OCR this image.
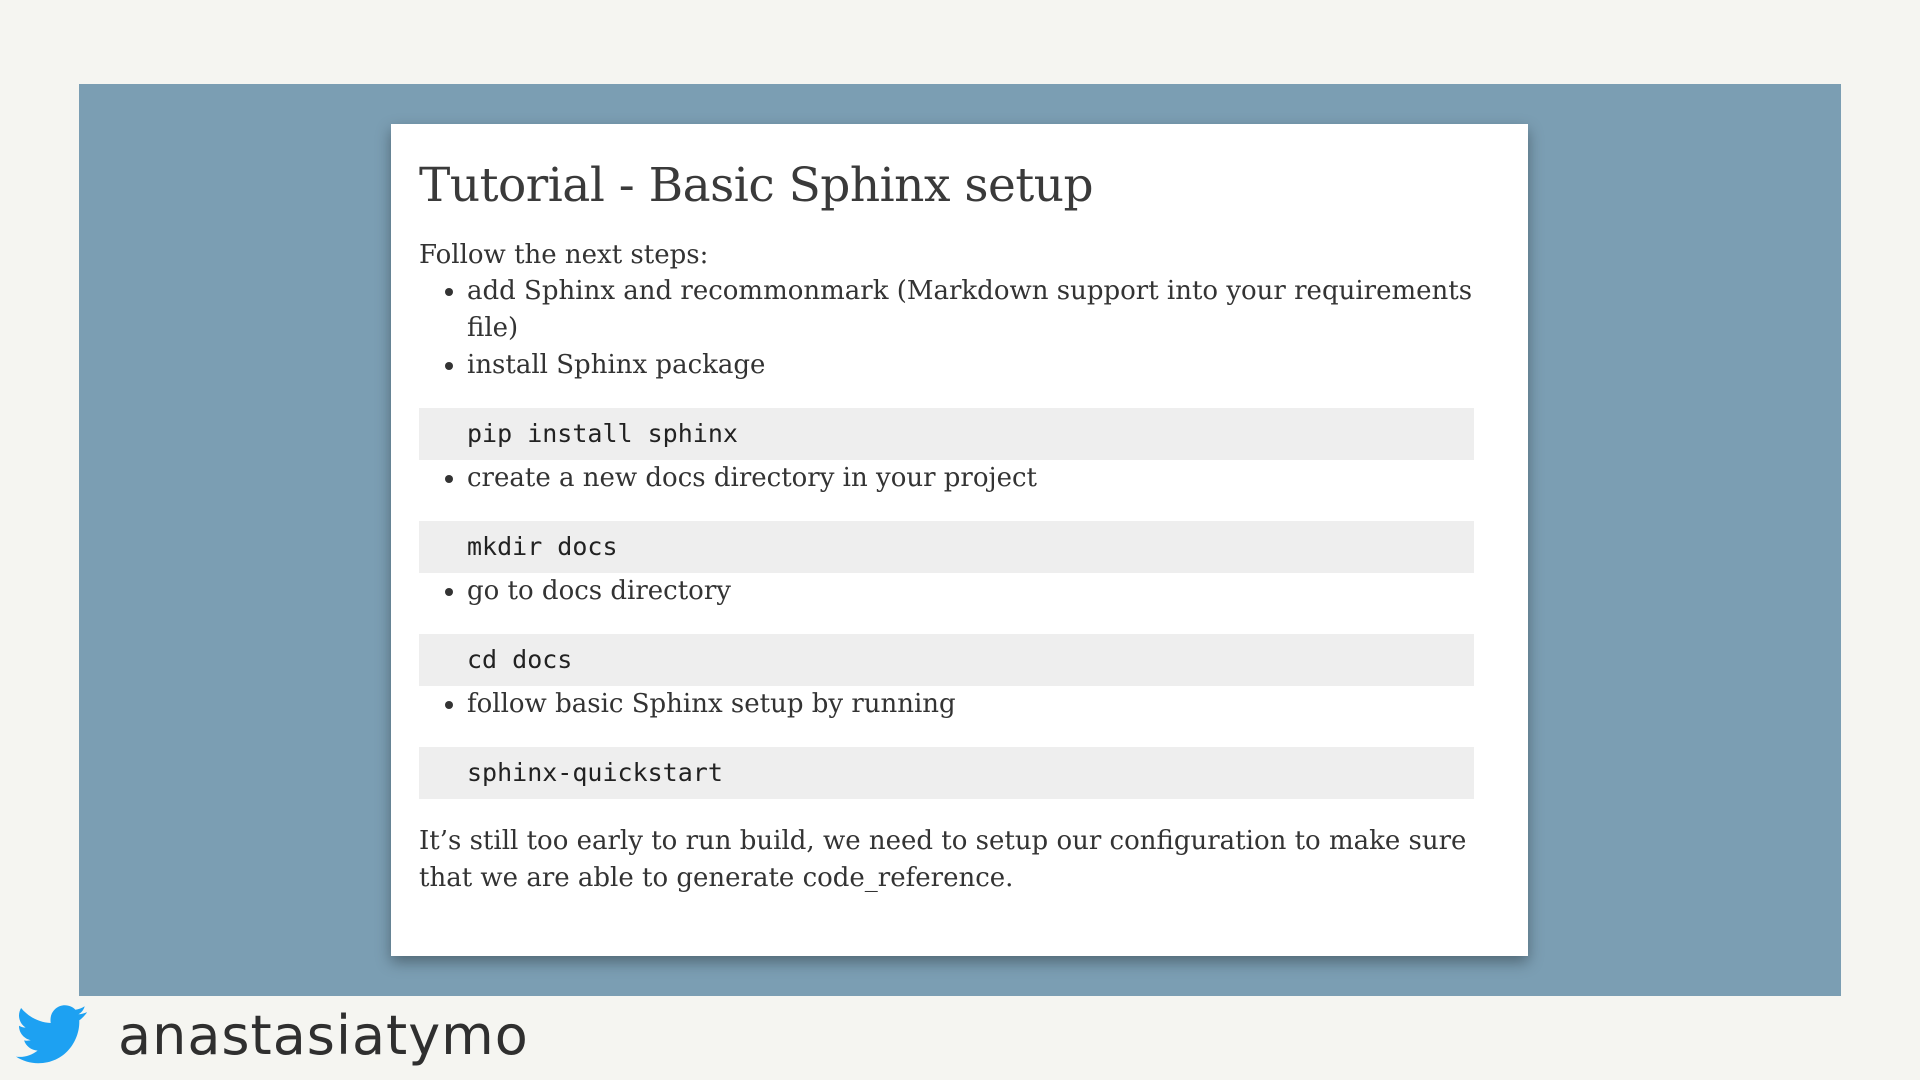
Tutorial - Basic Sphinx setup

Follow the next steps:

• add Sphinx and recommonmark (Markdown support into your requirements file)
• install Sphinx package
pip install sphinx
• create a new docs directory in your project
mkdir docs
• go to docs directory
cd docs
• follow basic Sphinx setup by running
sphinx-quickstart

It’s still too early to run build, we need to setup our configuration to make sure that we are able to generate code_reference.

anastasiatymo
